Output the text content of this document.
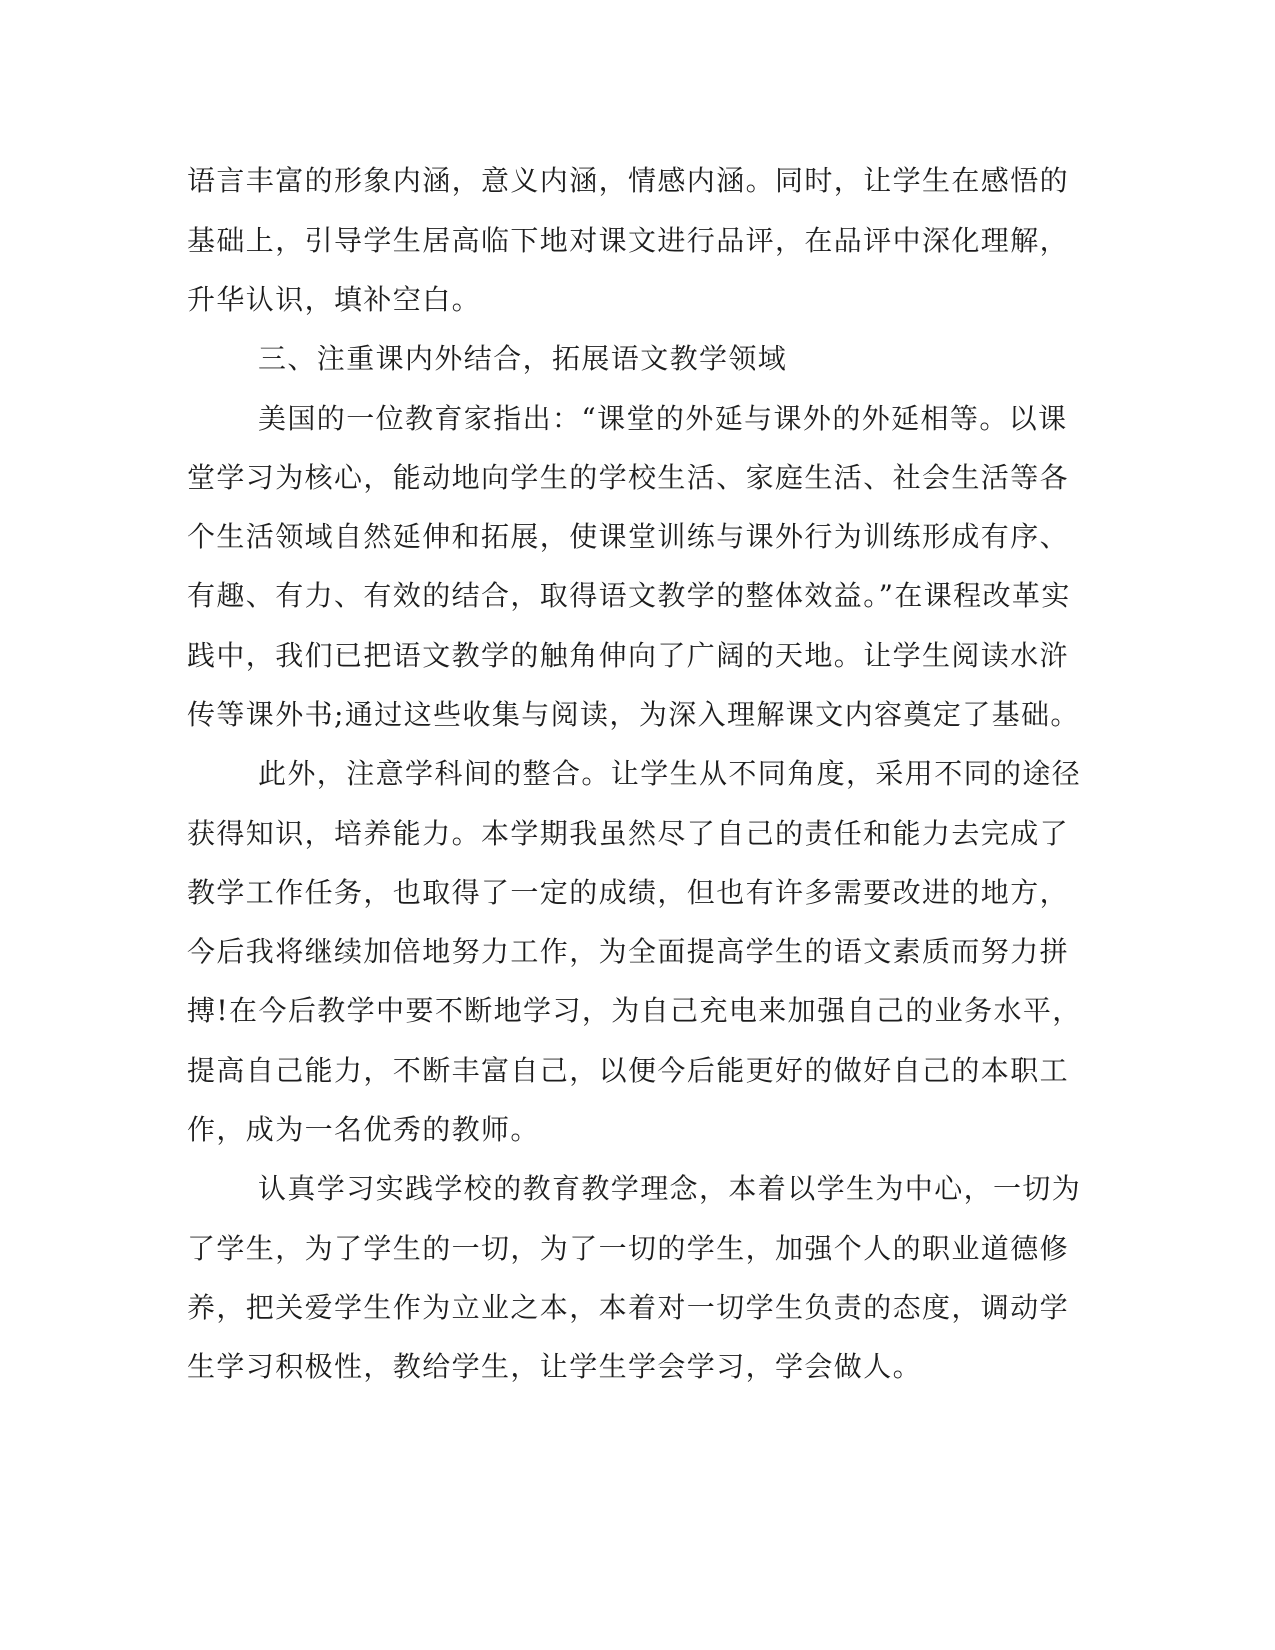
语言丰富的形象内涵，意义内涵，情感内涵。同时，让学生在感悟的

基础上，引导学生居高临下地对课文进行品评，在品评中深化理解，

升华认识，填补空白。

三、注重课内外结合，拓展语文教学领域

美国的一位教育家指出：“课堂的外延与课外的外延相等。以课

堂学习为核心，能动地向学生的学校生活、家庭生活、社会生活等各

个生活领域自然延伸和拓展，使课堂训练与课外行为训练形成有序、

有趣、有力、有效的结合，取得语文教学的整体效益。”在课程改革实

践中，我们已把语文教学的触角伸向了广阔的天地。让学生阅读水浒

传等课外书;通过这些收集与阅读，为深入理解课文内容奠定了基础。

此外，注意学科间的整合。让学生从不同角度，采用不同的途径

获得知识，培养能力。本学期我虽然尽了自己的责任和能力去完成了

教学工作任务，也取得了一定的成绩，但也有许多需要改进的地方，

今后我将继续加倍地努力工作，为全面提高学生的语文素质而努力拼

搏!在今后教学中要不断地学习，为自己充电来加强自己的业务水平，

提高自己能力，不断丰富自己，以便今后能更好的做好自己的本职工

作，成为一名优秀的教师。

认真学习实践学校的教育教学理念，本着以学生为中心，一切为

了学生，为了学生的一切，为了一切的学生，加强个人的职业道德修

养，把关爱学生作为立业之本，本着对一切学生负责的态度，调动学

生学习积极性，教给学生，让学生学会学习，学会做人。
